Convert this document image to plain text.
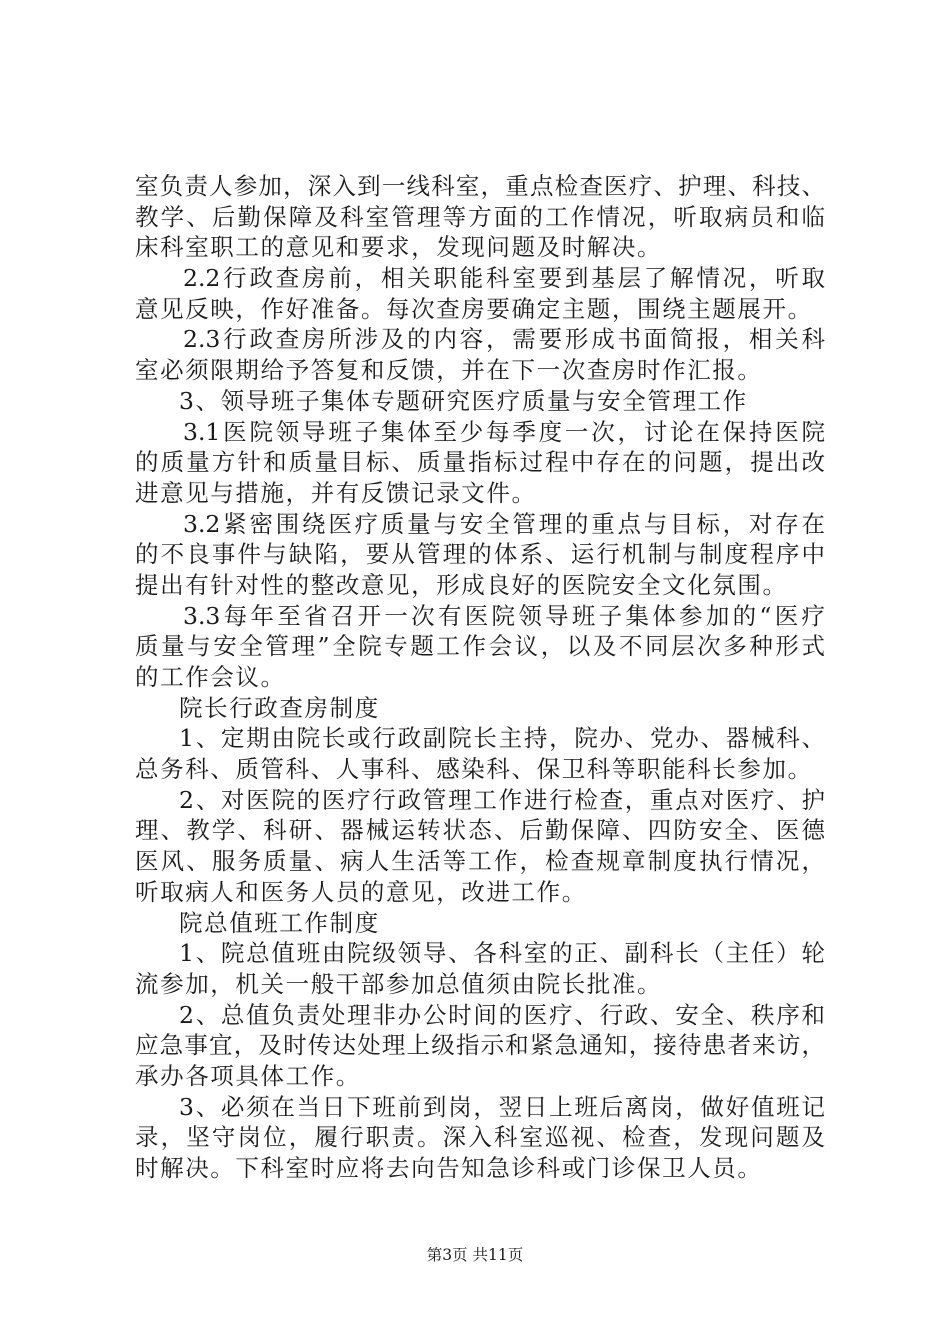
室负责人参加，深入到一线科室，重点检查医疗、护理、科技、
教学、后勤保障及科室管理等方面的工作情况，听取病员和临
床科室职工的意见和要求，发现问题及时解决。
2.2行政查房前，相关职能科室要到基层了解情况，听取
意见反映，作好准备。每次查房要确定主题，围绕主题展开。
2.3行政查房所涉及的内容，需要形成书面简报，相关科
室必须限期给予答复和反馈，并在下一次查房时作汇报。
3、领导班子集体专题研究医疗质量与安全管理工作
3.1医院领导班子集体至少每季度一次，讨论在保持医院
的质量方针和质量目标、质量指标过程中存在的问题，提出改
进意见与措施，并有反馈记录文件。
3.2紧密围绕医疗质量与安全管理的重点与目标，对存在
的不良事件与缺陷，要从管理的体系、运行机制与制度程序中
提出有针对性的整改意见，形成良好的医院安全文化氛围。
3.3每年至省召开一次有医院领导班子集体参加的“医疗
质量与安全管理”全院专题工作会议，以及不同层次多种形式
的工作会议。
院长行政查房制度
1、定期由院长或行政副院长主持，院办、党办、器械科、
总务科、质管科、人事科、感染科、保卫科等职能科长参加。
2、对医院的医疗行政管理工作进行检查，重点对医疗、护
理、教学、科研、器械运转状态、后勤保障、四防安全、医德
医风、服务质量、病人生活等工作，检查规章制度执行情况，
听取病人和医务人员的意见，改进工作。
院总值班工作制度
1、院总值班由院级领导、各科室的正、副科长（主任）轮
流参加，机关一般干部参加总值须由院长批准。
2、总值负责处理非办公时间的医疗、行政、安全、秩序和
应急事宜，及时传达处理上级指示和紧急通知，接待患者来访，
承办各项具体工作。
3、必须在当日下班前到岗，翌日上班后离岗，做好值班记
录，坚守岗位，履行职责。深入科室巡视、检查，发现问题及
时解决。下科室时应将去向告知急诊科或门诊保卫人员。
第3页 共11页
